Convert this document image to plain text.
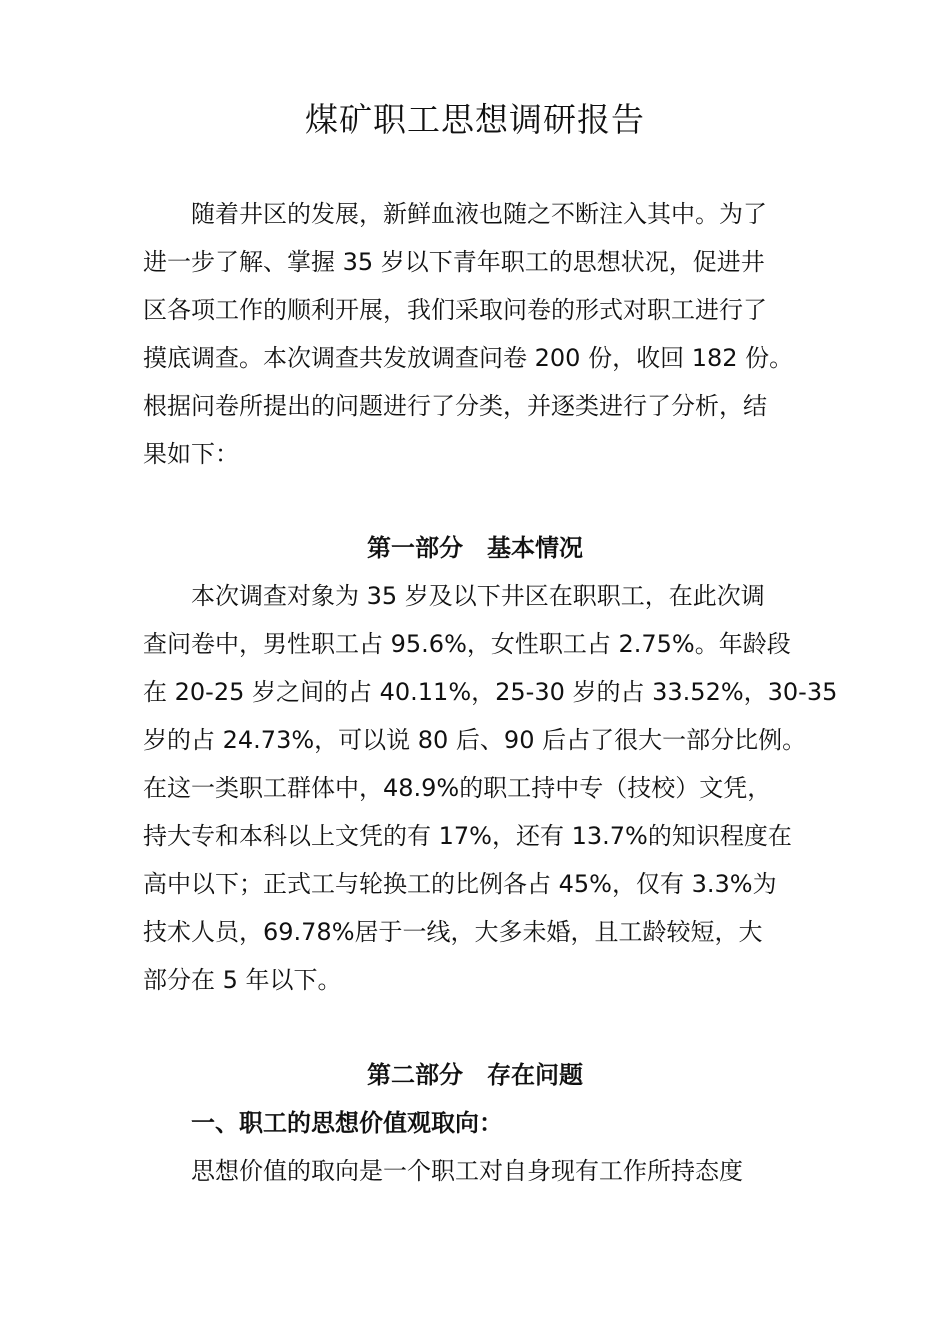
煤矿职工思想调研报告
随着井区的发展，新鲜血液也随之不断注入其中。为了
进一步了解、掌握 35 岁以下青年职工的思想状况，促进井
区各项工作的顺利开展，我们采取问卷的形式对职工进行了
摸底调查。本次调查共发放调查问卷 200 份，收回 182 份。
根据问卷所提出的问题进行了分类，并逐类进行了分析，结
果如下：
第一部分　基本情况
本次调查对象为 35 岁及以下井区在职职工，在此次调
查问卷中，男性职工占 95.6%，女性职工占 2.75%。年龄段
在 20-25 岁之间的占 40.11%，25-30 岁的占 33.52%，30-35
岁的占 24.73%，可以说 80 后、90 后占了很大一部分比例。
在这一类职工群体中，48.9%的职工持中专（技校）文凭，
持大专和本科以上文凭的有 17%，还有 13.7%的知识程度在
高中以下；正式工与轮换工的比例各占 45%，仅有 3.3%为
技术人员，69.78%居于一线，大多未婚，且工龄较短，大
部分在 5 年以下。
第二部分　存在问题
一、职工的思想价值观取向：
思想价值的取向是一个职工对自身现有工作所持态度
